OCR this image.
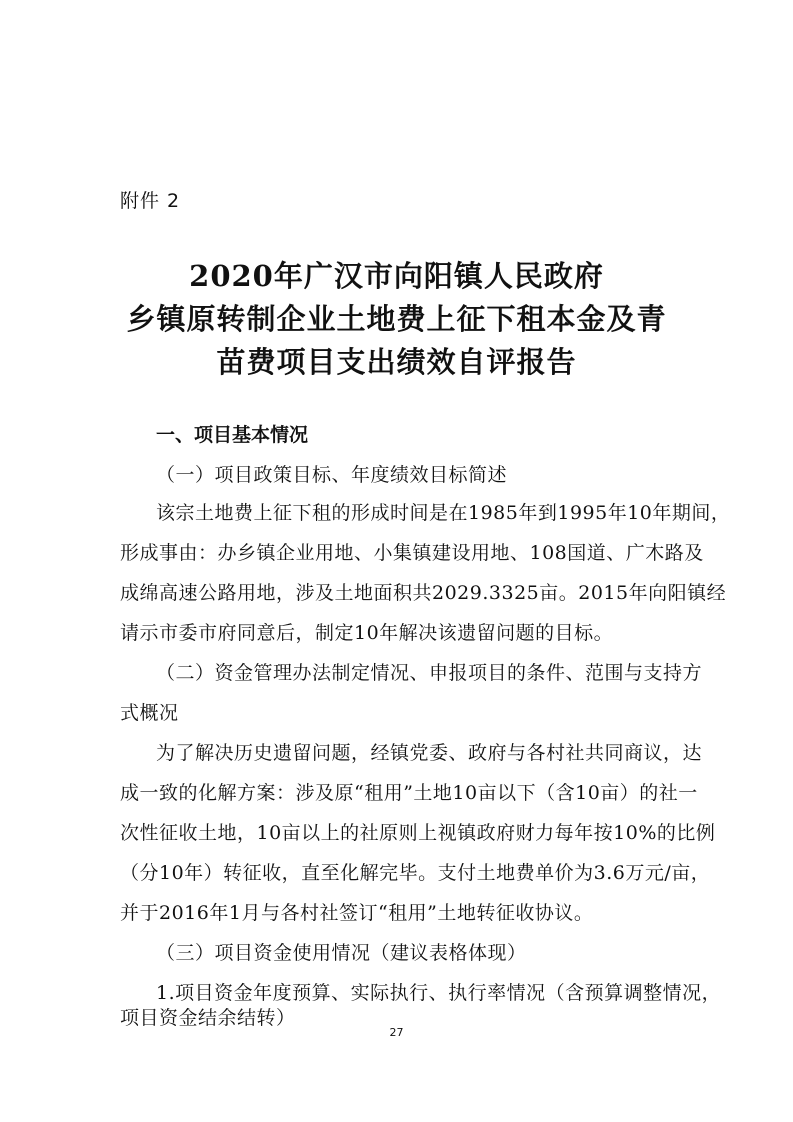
附件 2
2020年广汉市向阳镇人民政府
乡镇原转制企业土地费上征下租本金及青
苗费项目支出绩效自评报告
一、项目基本情况
（一）项目政策目标、年度绩效目标简述
该宗土地费上征下租的形成时间是在1985年到1995年10年期间，
形成事由：办乡镇企业用地、小集镇建设用地、108国道、广木路及
成绵高速公路用地，涉及土地面积共2029.3325亩。2015年向阳镇经
请示市委市府同意后，制定10年解决该遗留问题的目标。
（二）资金管理办法制定情况、申报项目的条件、范围与支持方
式概况
为了解决历史遗留问题，经镇党委、政府与各村社共同商议，达
成一致的化解方案：涉及原“租用”土地10亩以下（含10亩）的社一
次性征收土地，10亩以上的社原则上视镇政府财力每年按10%的比例
（分10年）转征收，直至化解完毕。支付土地费单价为3.6万元/亩，
并于2016年1月与各村社签订“租用”土地转征收协议。
（三）项目资金使用情况（建议表格体现）
1.项目资金年度预算、实际执行、执行率情况（含预算调整情况，
项目资金结余结转）
27
